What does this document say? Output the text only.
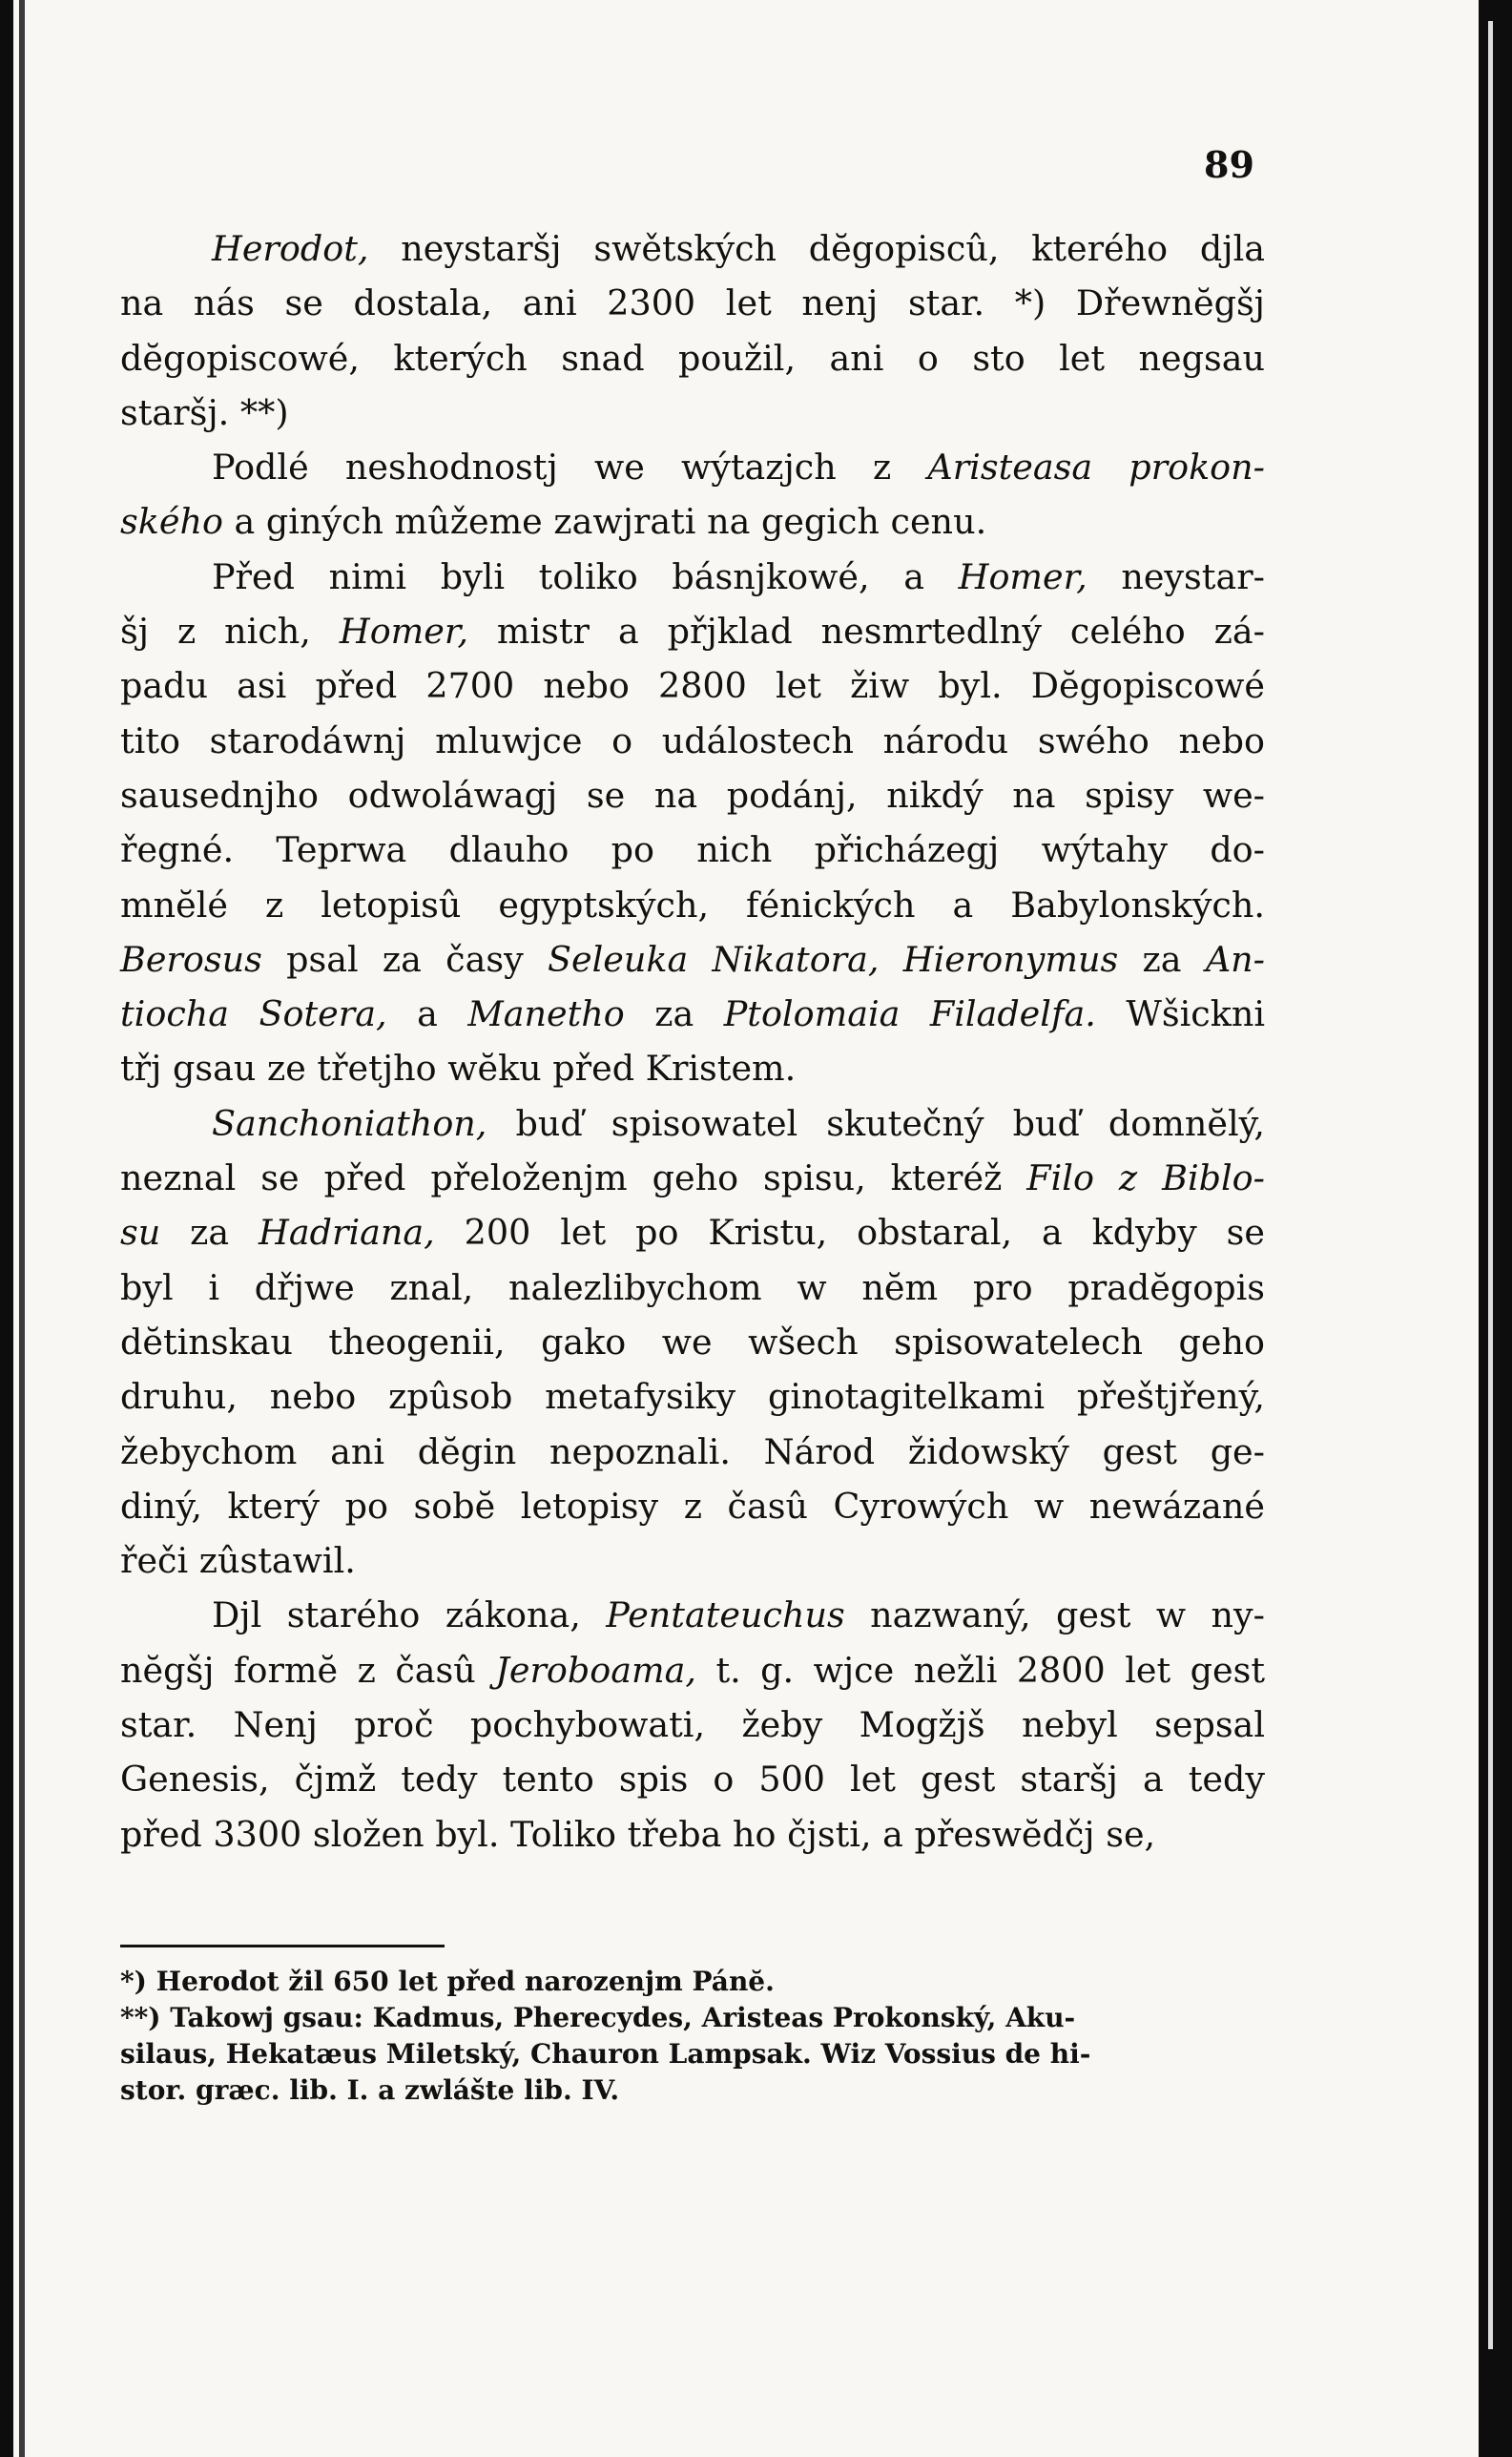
89
Herodot, neystaršj swětských dĕgopiscû, kterého djla
na nás se dostala, ani 2300 let nenj star. *) Dřewnĕgšj
dĕgopiscowé, kterých snad použil, ani o sto let negsau
staršj. **)
Podlé neshodnostj we wýtazjch z Aristeasa prokon-
ského a giných mûžeme zawjrati na gegich cenu.
Před nimi byli toliko básnjkowé, a Homer, neystar-
šj z nich, Homer, mistr a přjklad nesmrtedlný celého zá-
padu asi před 2700 nebo 2800 let žiw byl. Dĕgopiscowé
tito starodáwnj mluwjce o událostech národu swého nebo
sausednjho odwoláwagj se na podánj, nikdý na spisy we-
řegné. Teprwa dlauho po nich přicházegj wýtahy do-
mnĕlé z letopisû egyptských, fénických a Babylonských.
Berosus psal za časy Seleuka Nikatora, Hieronymus za An-
tiocha Sotera, a Manetho za Ptolomaia Filadelfa. Wšickni
třj gsau ze třetjho wĕku před Kristem.
Sanchoniathon, buď spisowatel skutečný buď domnĕlý,
neznal se před přeloženjm geho spisu, kteréž Filo z Biblo-
su za Hadriana, 200 let po Kristu, obstaral, a kdyby se
byl i dřjwe znal, nalezlibychom w nĕm pro pradĕgopis
dĕtinskau theogenii, gako we wšech spisowatelech geho
druhu, nebo zpûsob metafysiky ginotagitelkami přeštjřený,
žebychom ani dĕgin nepoznali. Národ židowský gest ge-
diný, který po sobĕ letopisy z časû Cyrowých w newázané
řeči zûstawil.
Djl starého zákona, Pentateuchus nazwaný, gest w ny-
nĕgšj formĕ z časû Jeroboama, t. g. wjce nežli 2800 let gest
star. Nenj proč pochybowati, žeby Mogžjš nebyl sepsal
Genesis, čjmž tedy tento spis o 500 let gest staršj a tedy
před 3300 složen byl. Toliko třeba ho čjsti, a přeswĕdčj se,
*) Herodot žil 650 let před narozenjm Pánĕ.
**) Takowj gsau: Kadmus, Pherecydes, Aristeas Prokonský, Aku-
silaus, Hekatæus Miletský, Chauron Lampsak. Wiz Vossius de hi-
stor. græc. lib. I. a zwlášte lib. IV.
